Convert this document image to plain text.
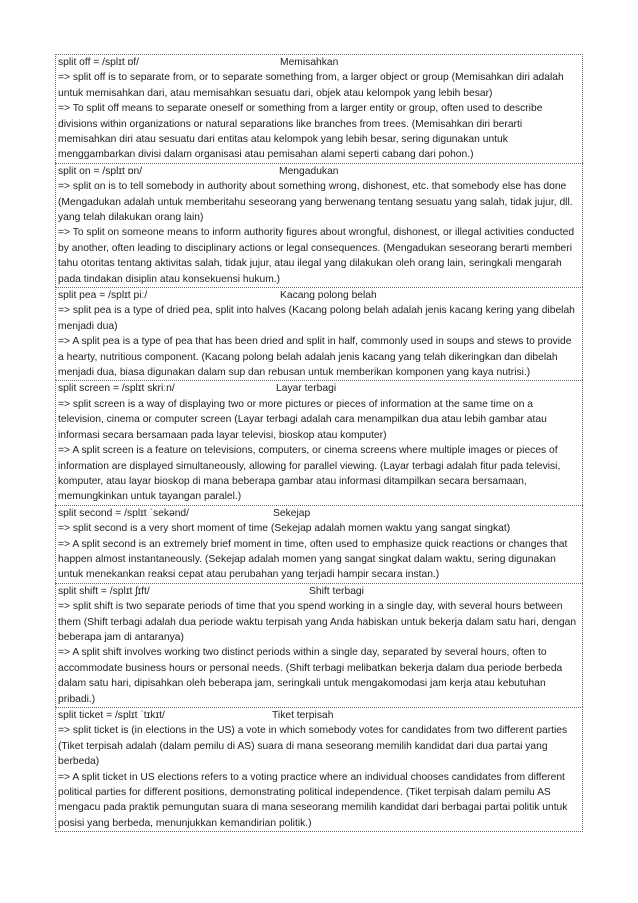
split off = /splɪt ɒf/	Memisahkan

=> split off is to separate from, or to separate something from, a larger object or group (Memisahkan diri adalah untuk memisahkan dari, atau memisahkan sesuatu dari, objek atau kelompok yang lebih besar)

=> To split off means to separate oneself or something from a larger entity or group, often used to describe divisions within organizations or natural separations like branches from trees. (Memisahkan diri berarti memisahkan diri atau sesuatu dari entitas atau kelompok yang lebih besar, sering digunakan untuk menggambarkan divisi dalam organisasi atau pemisahan alami seperti cabang dari pohon.)

split on = /splɪt ɒn/	Mengadukan

=> split on is to tell somebody in authority about something wrong, dishonest, etc. that somebody else has done (Mengadukan adalah untuk memberitahu seseorang yang berwenang tentang sesuatu yang salah, tidak jujur, dll. yang telah dilakukan orang lain)

=> To split on someone means to inform authority figures about wrongful, dishonest, or illegal activities conducted by another, often leading to disciplinary actions or legal consequences. (Mengadukan seseorang berarti memberi tahu otoritas tentang aktivitas salah, tidak jujur, atau ilegal yang dilakukan oleh orang lain, seringkali mengarah pada tindakan disiplin atau konsekuensi hukum.)

split pea = /splɪt piː/	Kacang polong belah

=> split pea is a type of dried pea, split into halves (Kacang polong belah adalah jenis kacang kering yang dibelah menjadi dua)

=> A split pea is a type of pea that has been dried and split in half, commonly used in soups and stews to provide a hearty, nutritious component. (Kacang polong belah adalah jenis kacang yang telah dikeringkan dan dibelah menjadi dua, biasa digunakan dalam sup dan rebusan untuk memberikan komponen yang kaya nutrisi.)

split screen = /splɪt skriːn/	Layar terbagi

=> split screen is a way of displaying two or more pictures or pieces of information at the same time on a television, cinema or computer screen (Layar terbagi adalah cara menampilkan dua atau lebih gambar atau informasi secara bersamaan pada layar televisi, bioskop atau komputer)

=> A split screen is a feature on televisions, computers, or cinema screens where multiple images or pieces of information are displayed simultaneously, allowing for parallel viewing. (Layar terbagi adalah fitur pada televisi, komputer, atau layar bioskop di mana beberapa gambar atau informasi ditampilkan secara bersamaan, memungkinkan untuk tayangan paralel.)

split second = /splɪt ˈsekənd/	Sekejap

=> split second is a very short moment of time (Sekejap adalah momen waktu yang sangat singkat)

=> A split second is an extremely brief moment in time, often used to emphasize quick reactions or changes that happen almost instantaneously. (Sekejap adalah momen yang sangat singkat dalam waktu, sering digunakan untuk menekankan reaksi cepat atau perubahan yang terjadi hampir secara instan.)

split shift = /splɪt ʃɪft/	Shift terbagi

=> split shift is two separate periods of time that you spend working in a single day, with several hours between them (Shift terbagi adalah dua periode waktu terpisah yang Anda habiskan untuk bekerja dalam satu hari, dengan beberapa jam di antaranya)

=> A split shift involves working two distinct periods within a single day, separated by several hours, often to accommodate business hours or personal needs. (Shift terbagi melibatkan bekerja dalam dua periode berbeda dalam satu hari, dipisahkan oleh beberapa jam, seringkali untuk mengakomodasi jam kerja atau kebutuhan pribadi.)

split ticket = /splɪt ˈtɪkɪt/	Tiket terpisah

=> split ticket is (in elections in the US) a vote in which somebody votes for candidates from two different parties (Tiket terpisah adalah (dalam pemilu di AS) suara di mana seseorang memilih kandidat dari dua partai yang berbeda)

=> A split ticket in US elections refers to a voting practice where an individual chooses candidates from different political parties for different positions, demonstrating political independence. (Tiket terpisah dalam pemilu AS mengacu pada praktik pemungutan suara di mana seseorang memilih kandidat dari berbagai partai politik untuk posisi yang berbeda, menunjukkan kemandirian politik.)
